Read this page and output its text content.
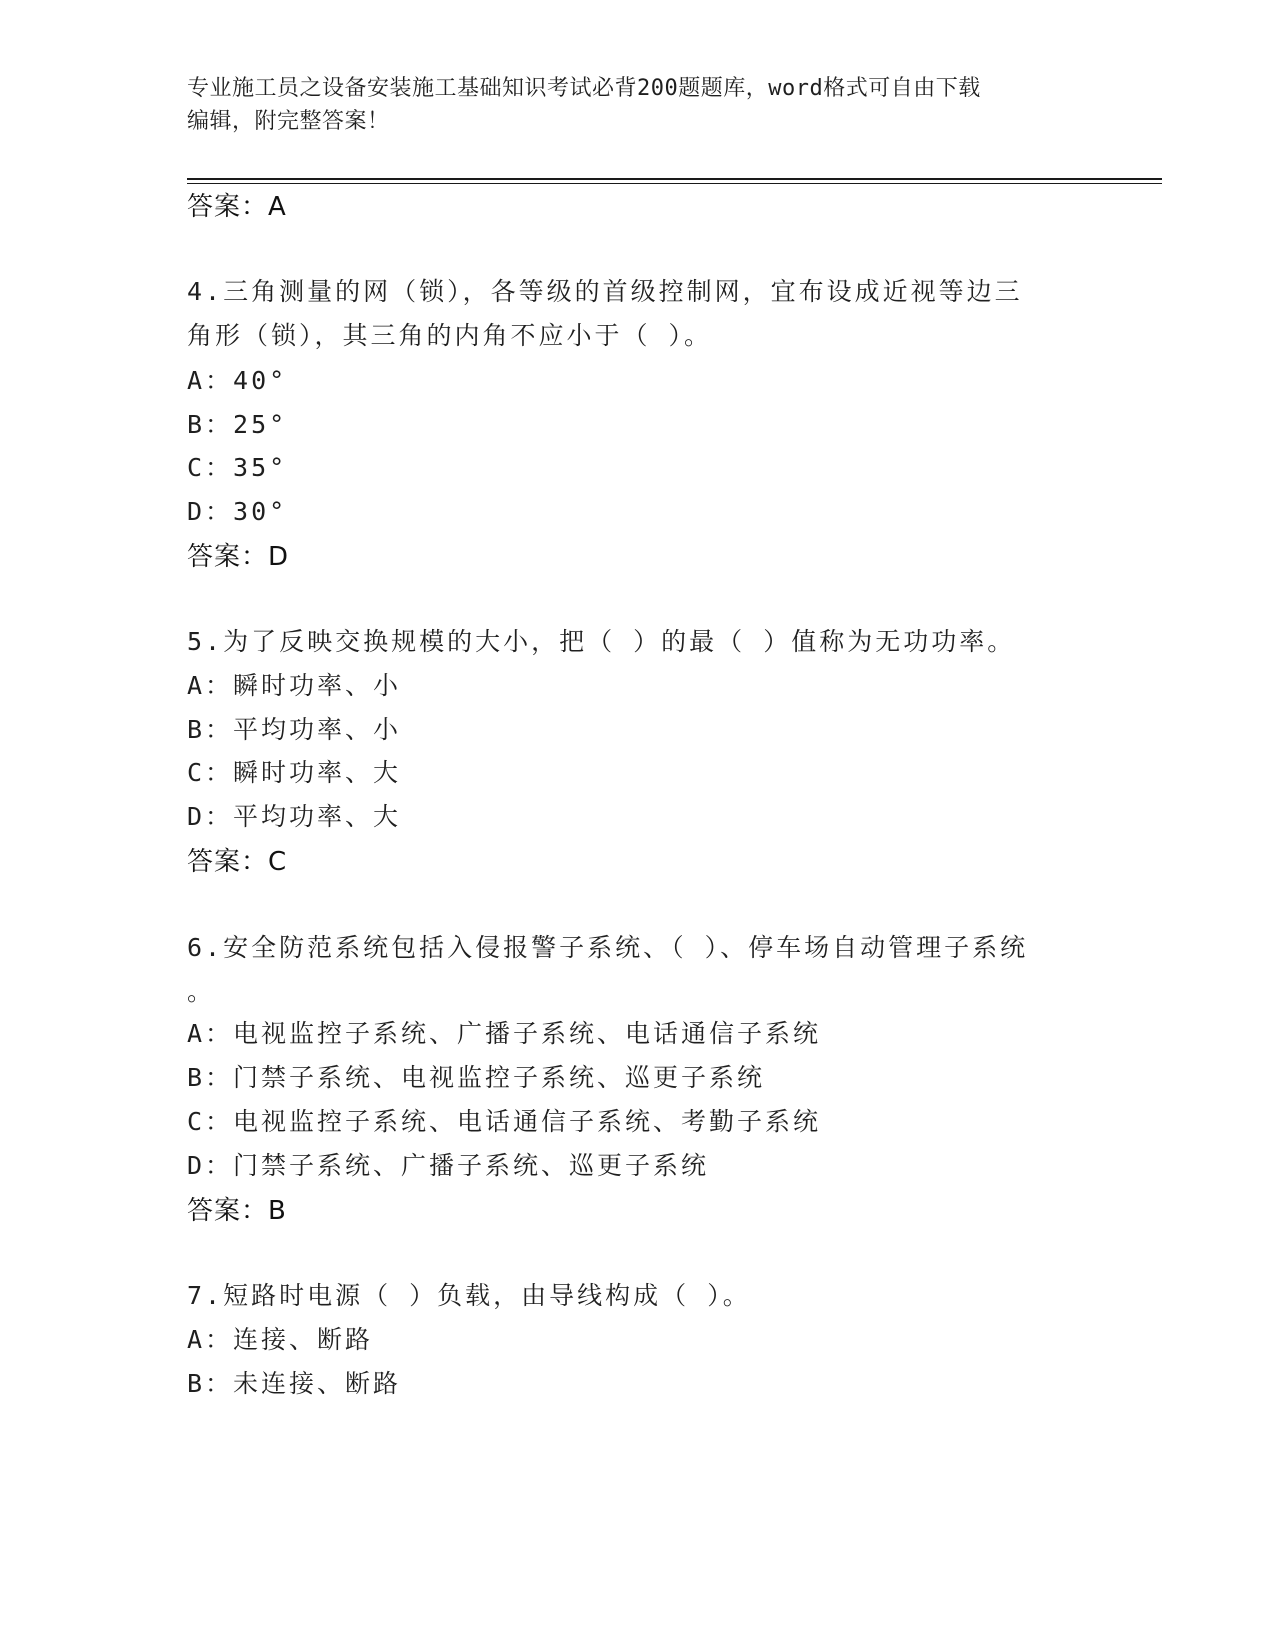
专业施工员之设备安装施工基础知识考试必背200题题库，word格式可自由下载
编辑，附完整答案！
答案：A
4.三角测量的网（锁），各等级的首级控制网，宜布设成近视等边三
角形（锁），其三角的内角不应小于（ ）。
A：40°
B：25°
C：35°
D：30°
答案：D
5.为了反映交换规模的大小，把（ ）的最（ ）值称为无功功率。
A：瞬时功率、小
B：平均功率、小
C：瞬时功率、大
D：平均功率、大
答案：C
6.安全防范系统包括入侵报警子系统、（ ）、停车场自动管理子系统
。
A：电视监控子系统、广播子系统、电话通信子系统
B：门禁子系统、电视监控子系统、巡更子系统
C：电视监控子系统、电话通信子系统、考勤子系统
D：门禁子系统、广播子系统、巡更子系统
答案：B
7.短路时电源（ ）负载，由导线构成（ ）。
A：连接、断路
B：未连接、断路
